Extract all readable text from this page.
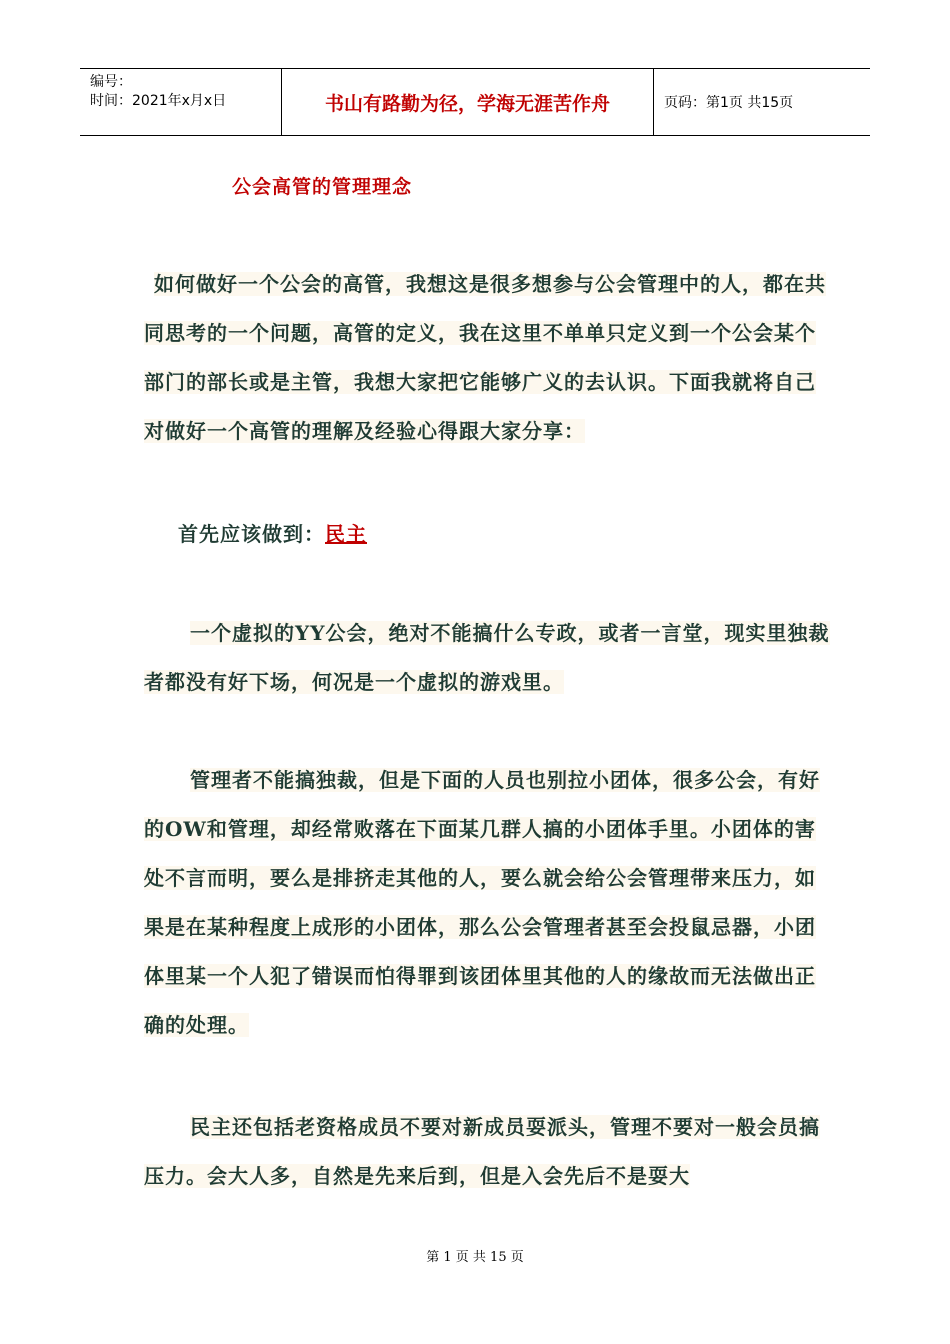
编号：
时间：2021年x月x日	书山有路勤为径，学海无涯苦作舟	页码：第1页 共15页
公会高管的管理理念
如何做好一个公会的高管，我想这是很多想参与公会管理中的人，都在共同思考的一个问题，高管的定义，我在这里不单单只定义到一个公会某个部门的部长或是主管，我想大家把它能够广义的去认识。下面我就将自己对做好一个高管的理解及经验心得跟大家分享：
首先应该做到：民主
一个虚拟的YY公会，绝对不能搞什么专政，或者一言堂，现实里独裁者都没有好下场，何况是一个虚拟的游戏里。
管理者不能搞独裁，但是下面的人员也别拉小团体，很多公会，有好的OW和管理，却经常败落在下面某几群人搞的小团体手里。小团体的害处不言而明，要么是排挤走其他的人，要么就会给公会管理带来压力，如果是在某种程度上成形的小团体，那么公会管理者甚至会投鼠忌器，小团体里某一个人犯了错误而怕得罪到该团体里其他的人的缘故而无法做出正确的处理。
民主还包括老资格成员不要对新成员耍派头，管理不要对一般会员搞压力。会大人多，自然是先来后到，但是入会先后不是耍大
第 1 页 共 15 页
